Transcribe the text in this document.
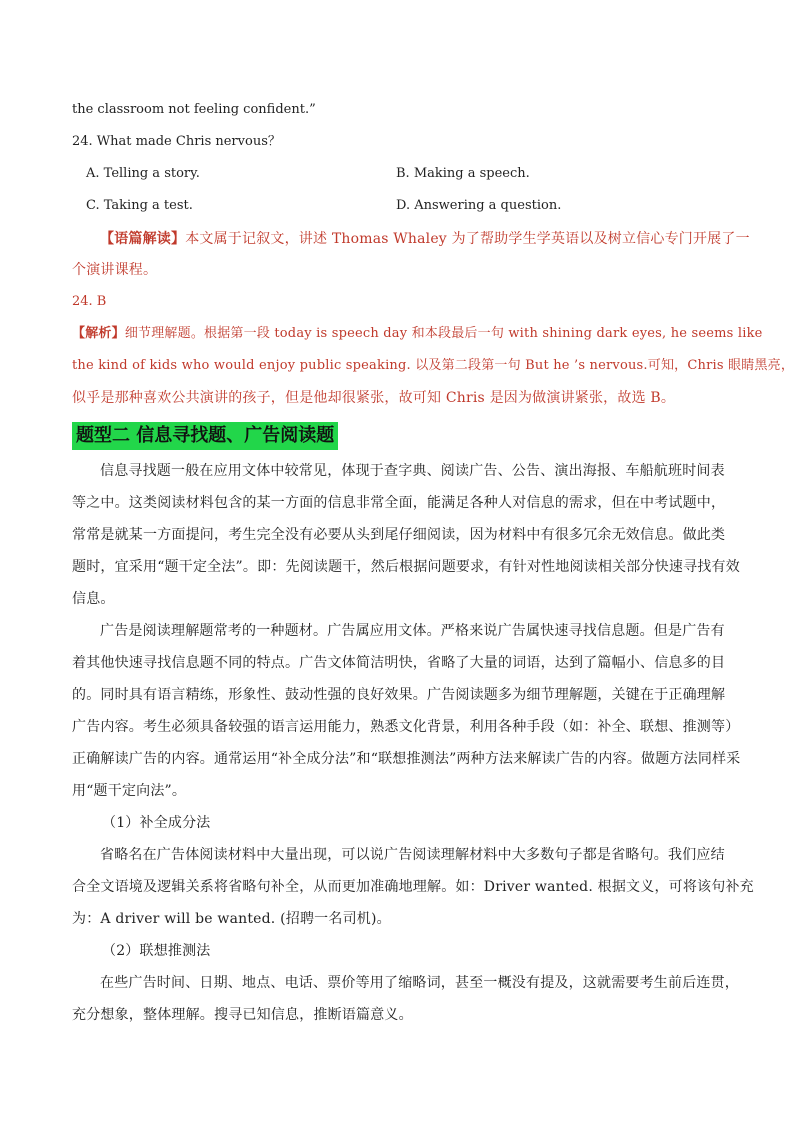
the classroom not feeling confident.”
24. What made Chris nervous？
A. Telling a story.	B. Making a speech.
C. Taking a test.	D. Answering a question.
【语篇解读】本文属于记叙文，讲述 Thomas Whaley 为了帮助学生学英语以及树立信心专门开展了一
个演讲课程。
24. B
【解析】细节理解题。根据第一段 today is speech day 和本段最后一句 with shining dark eyes, he seems like
the kind of kids who would enjoy public speaking. 以及第二段第一句 But he ’s nervous.可知，Chris 眼睛黑亮，
似乎是那种喜欢公共演讲的孩子，但是他却很紧张，故可知 Chris 是因为做演讲紧张，故选 B。
题型二 信息寻找题、广告阅读题
信息寻找题一般在应用文体中较常见，体现于查字典、阅读广告、公告、演出海报、车船航班时间表
等之中。这类阅读材料包含的某一方面的信息非常全面，能满足各种人对信息的需求，但在中考试题中，
常常是就某一方面提问，考生完全没有必要从头到尾仔细阅读，因为材料中有很多冗余无效信息。做此类
题时，宜采用“题干定全法”。即：先阅读题干，然后根据问题要求，有针对性地阅读相关部分快速寻找有效
信息。
广告是阅读理解题常考的一种题材。广告属应用文体。严格来说广告属快速寻找信息题。但是广告有
着其他快速寻找信息题不同的特点。广告文体简洁明快，省略了大量的词语，达到了篇幅小、信息多的目
的。同时具有语言精练，形象性、鼓动性强的良好效果。广告阅读题多为细节理解题，关键在于正确理解
广告内容。考生必须具备较强的语言运用能力，熟悉文化背景，利用各种手段（如：补全、联想、推测等）
正确解读广告的内容。通常运用“补全成分法”和“联想推测法”两种方法来解读广告的内容。做题方法同样采
用“题干定向法”。
（1）补全成分法
省略名在广告体阅读材料中大量出现，可以说广告阅读理解材料中大多数句子都是省略句。我们应结
合全文语境及逻辑关系将省略句补全，从而更加准确地理解。如：Driver wanted. 根据文义，可将该句补充
为：A driver will be wanted. (招聘一名司机)。
（2）联想推测法
在些广告时间、日期、地点、电话、票价等用了缩略词，甚至一概没有提及，这就需要考生前后连贯，
充分想象，整体理解。搜寻已知信息，推断语篇意义。
